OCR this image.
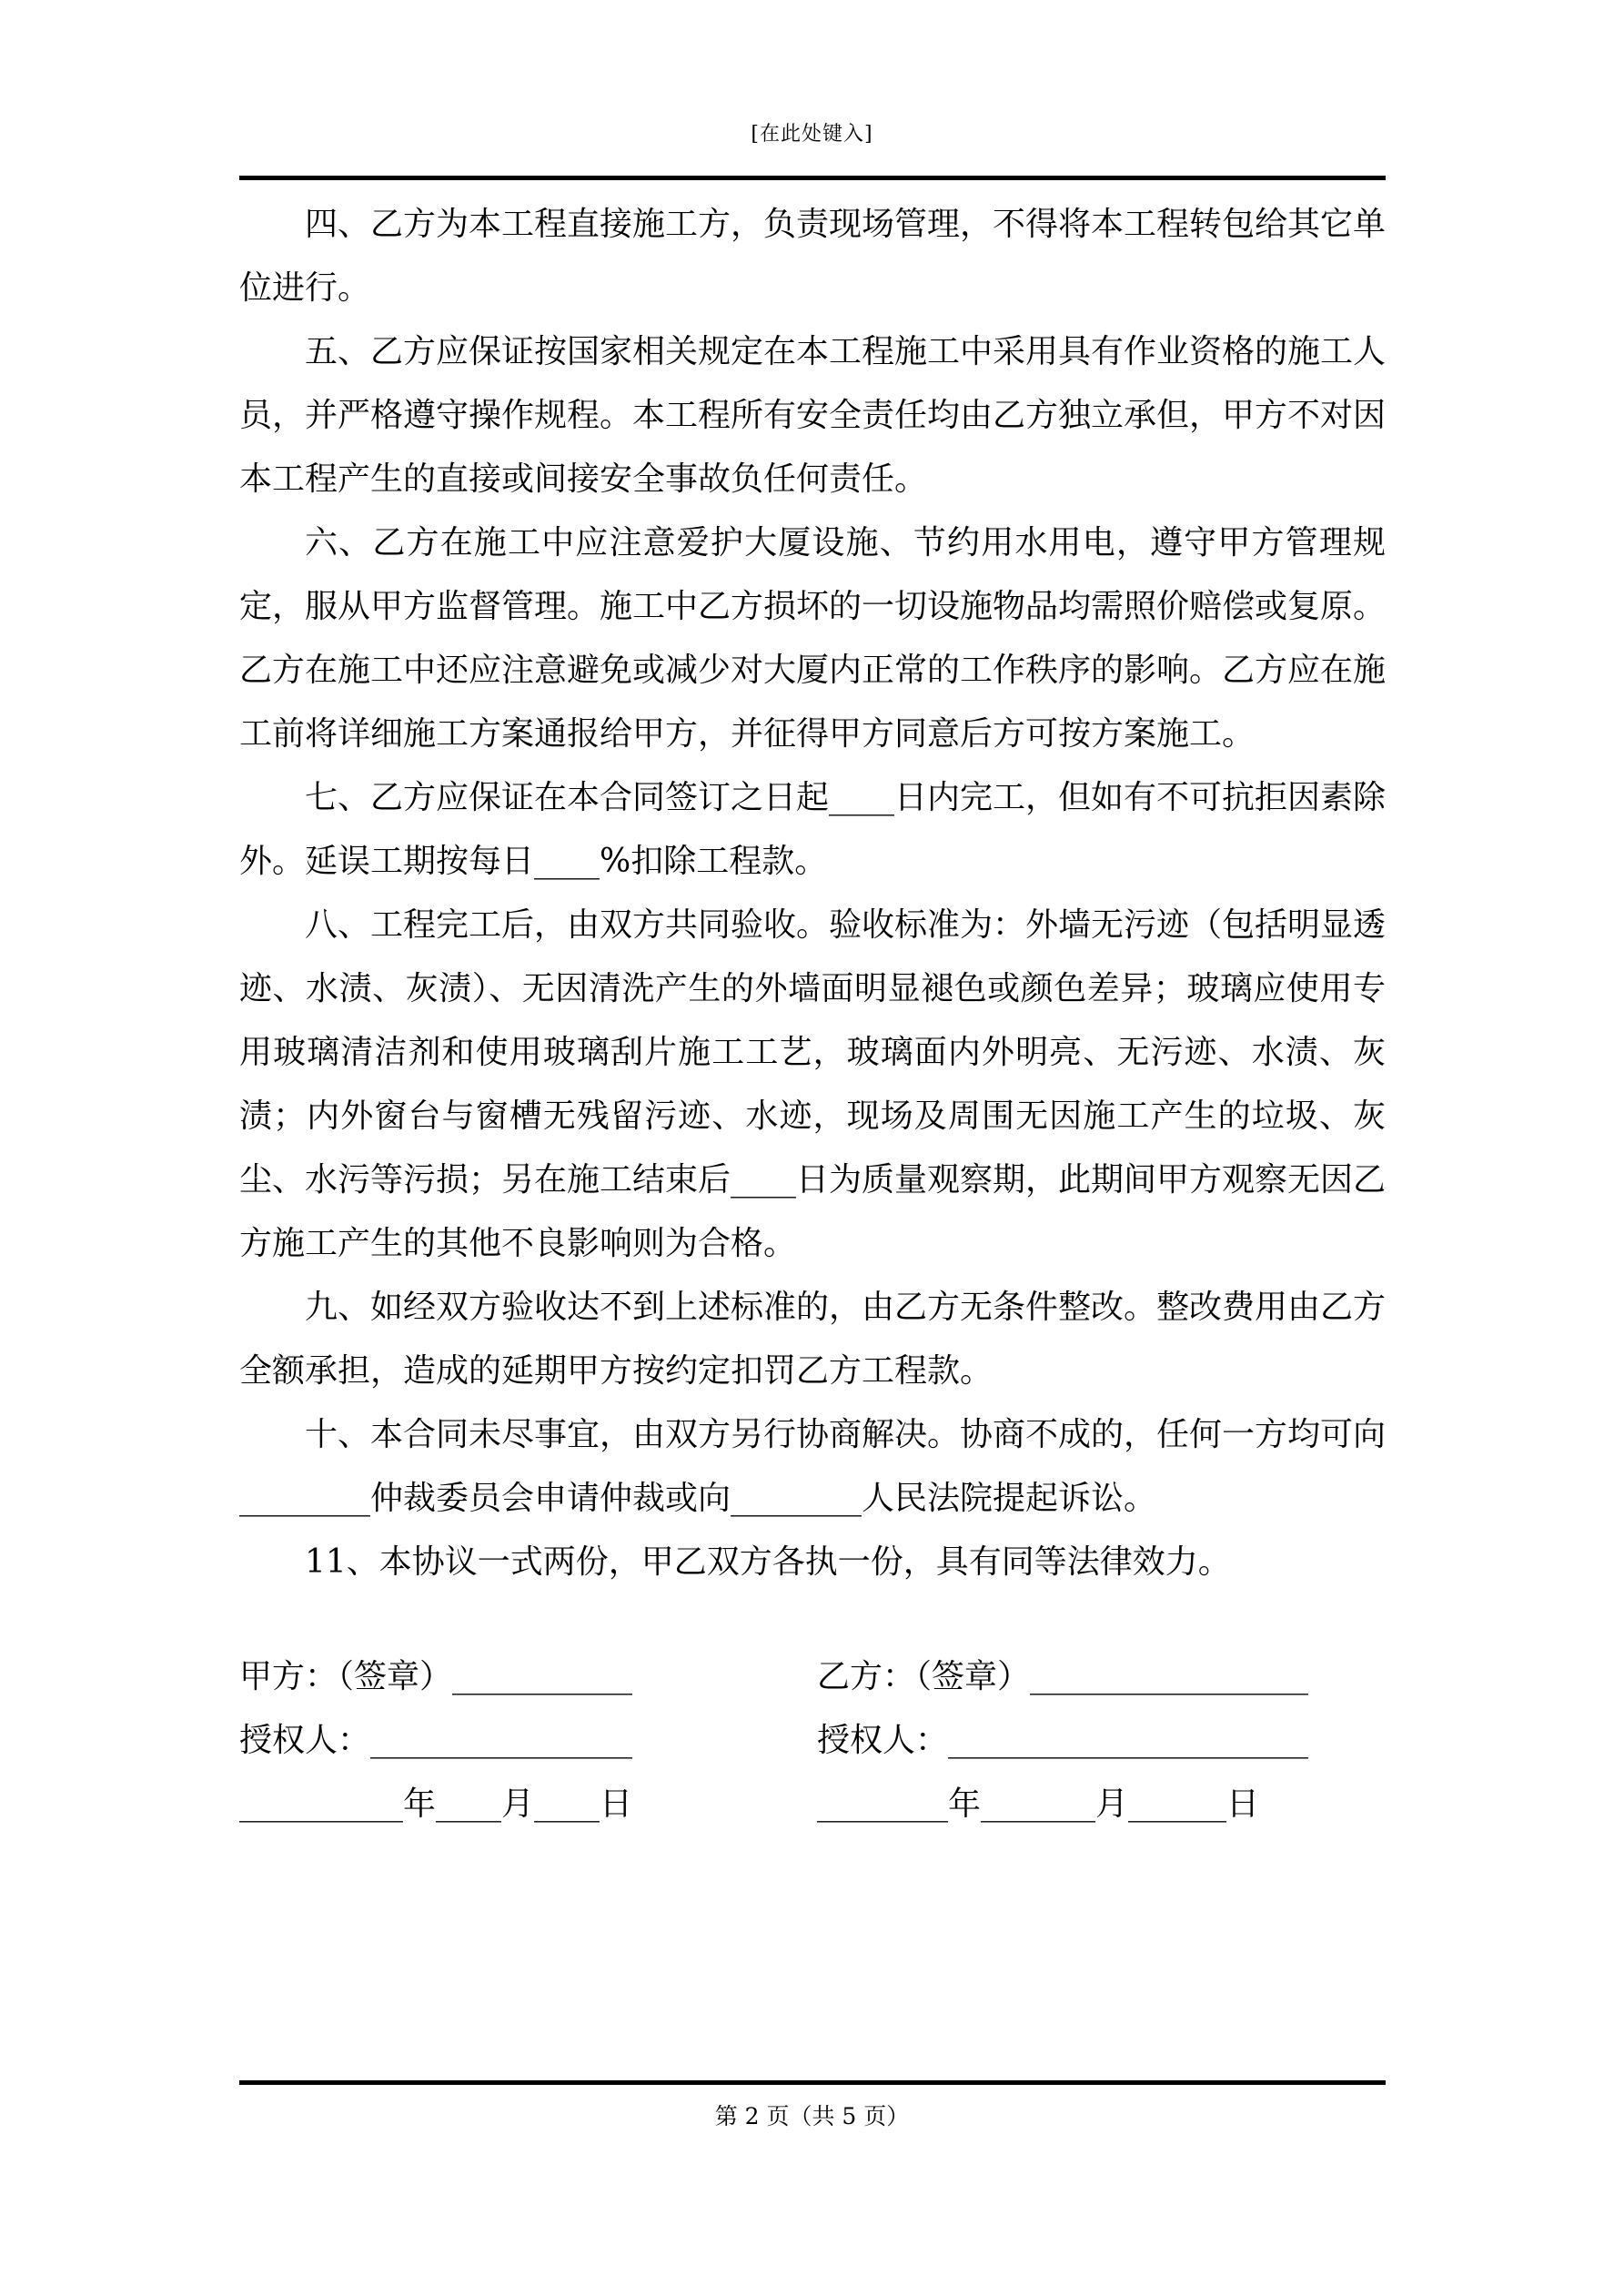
[在此处键入]

四、乙方为本工程直接施工方，负责现场管理，不得将本工程转包给其它单位进行。

五、乙方应保证按国家相关规定在本工程施工中采用具有作业资格的施工人员，并严格遵守操作规程。本工程所有安全责任均由乙方独立承但，甲方不对因本工程产生的直接或间接安全事故负任何责任。

六、乙方在施工中应注意爱护大厦设施、节约用水用电，遵守甲方管理规定，服从甲方监督管理。施工中乙方损坏的一切设施物品均需照价赔偿或复原。乙方在施工中还应注意避免或减少对大厦内正常的工作秩序的影响。乙方应在施工前将详细施工方案通报给甲方，并征得甲方同意后方可按方案施工。

七、乙方应保证在本合同签订之日起____日内完工，但如有不可抗拒因素除外。延误工期按每日____%扣除工程款。

八、工程完工后，由双方共同验收。验收标准为：外墙无污迹（包括明显透迹、水渍、灰渍）、无因清洗产生的外墙面明显褪色或颜色差异；玻璃应使用专用玻璃清洁剂和使用玻璃刮片施工工艺，玻璃面内外明亮、无污迹、水渍、灰渍；内外窗台与窗槽无残留污迹、水迹，现场及周围无因施工产生的垃圾、灰尘、水污等污损；另在施工结束后____日为质量观察期，此期间甲方观察无因乙方施工产生的其他不良影响则为合格。

九、如经双方验收达不到上述标准的，由乙方无条件整改。整改费用由乙方全额承担，造成的延期甲方按约定扣罚乙方工程款。

十、本合同未尽事宜，由双方另行协商解决。协商不成的，任何一方均可向________仲裁委员会申请仲裁或向________人民法院提起诉讼。

11、本协议一式两份，甲乙双方各执一份，具有同等法律效力。

甲方：（签章）___________	乙方：（签章）_________________
授权人：________________	授权人：______________________
__________年____月____日	________年_______月______日
第 2 页（共 5 页）
